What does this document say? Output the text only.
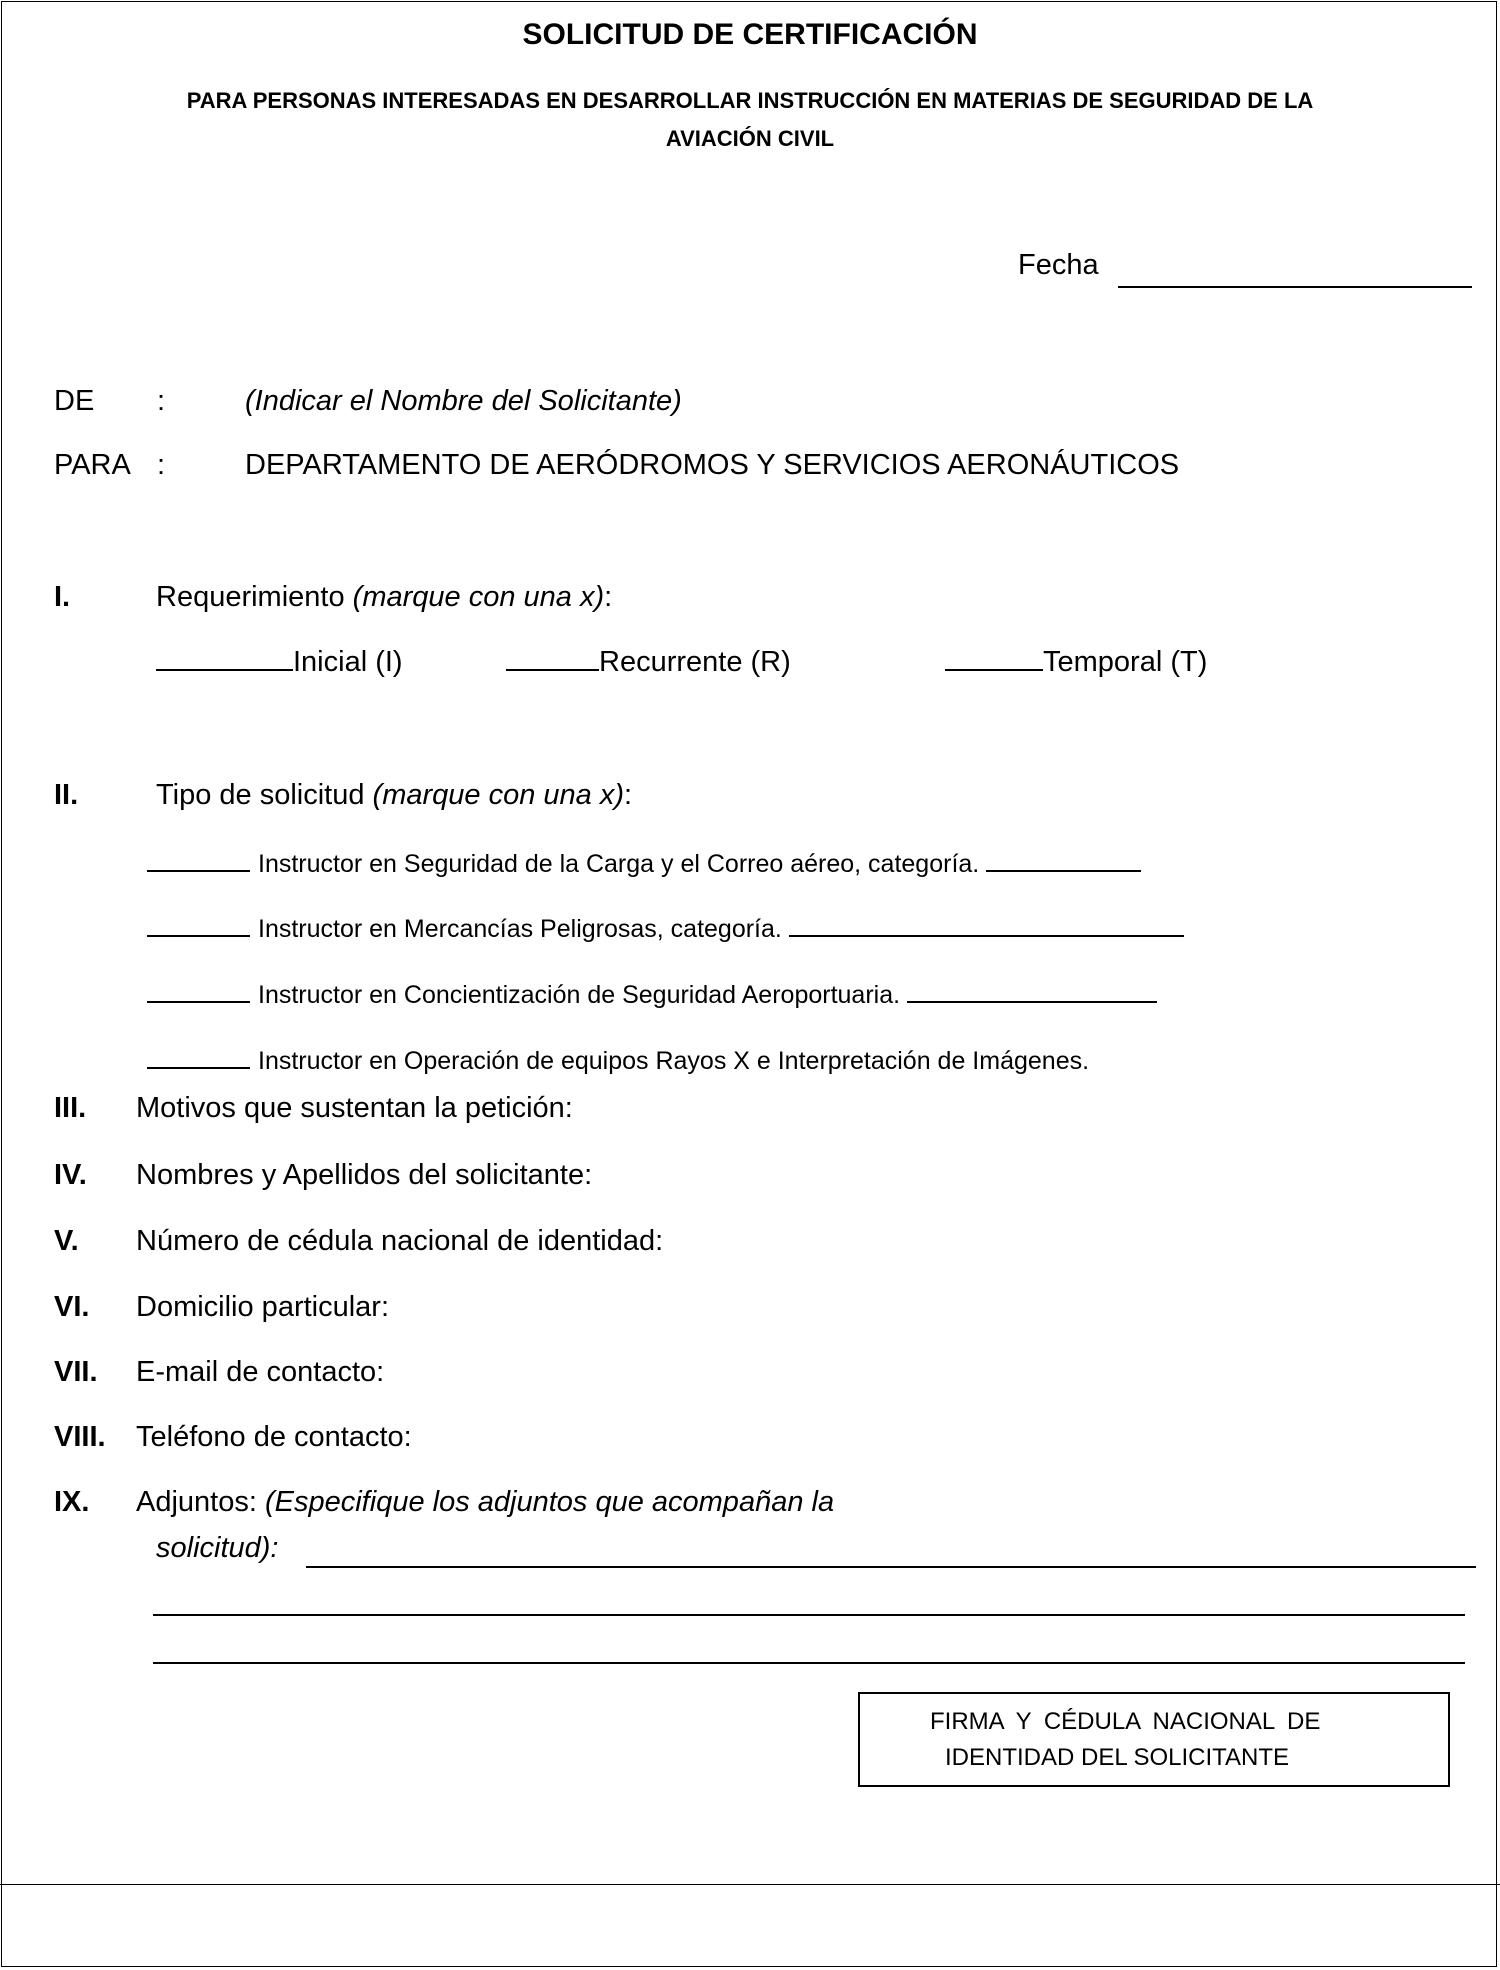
SOLICITUD DE CERTIFICACIÓN
PARA PERSONAS INTERESADAS EN DESARROLLAR INSTRUCCIÓN EN MATERIAS DE SEGURIDAD DE LA AVIACIÓN CIVIL
Fecha
DE :	(Indicar el Nombre del Solicitante)
PARA :	DEPARTAMENTO DE AERÓDROMOS Y SERVICIOS AERONÁUTICOS
I.	Requerimiento (marque con una x):
Inicial (I)	Recurrente (R)	Temporal (T)
II.	Tipo de solicitud (marque con una x):
Instructor en Seguridad de la Carga y el Correo aéreo, categoría.
Instructor en Mercancías Peligrosas, categoría.
Instructor en Concientización de Seguridad Aeroportuaria.
Instructor en Operación de equipos Rayos X e Interpretación de Imágenes.
III. Motivos que sustentan la petición:
IV. Nombres y Apellidos del solicitante:
V. Número de cédula nacional de identidad:
VI. Domicilio particular:
VII. E-mail de contacto:
VIII. Teléfono de contacto:
IX. Adjuntos: (Especifique los adjuntos que acompañan la
solicitud):
FIRMA Y CÉDULA NACIONAL DE
IDENTIDAD DEL SOLICITANTE
